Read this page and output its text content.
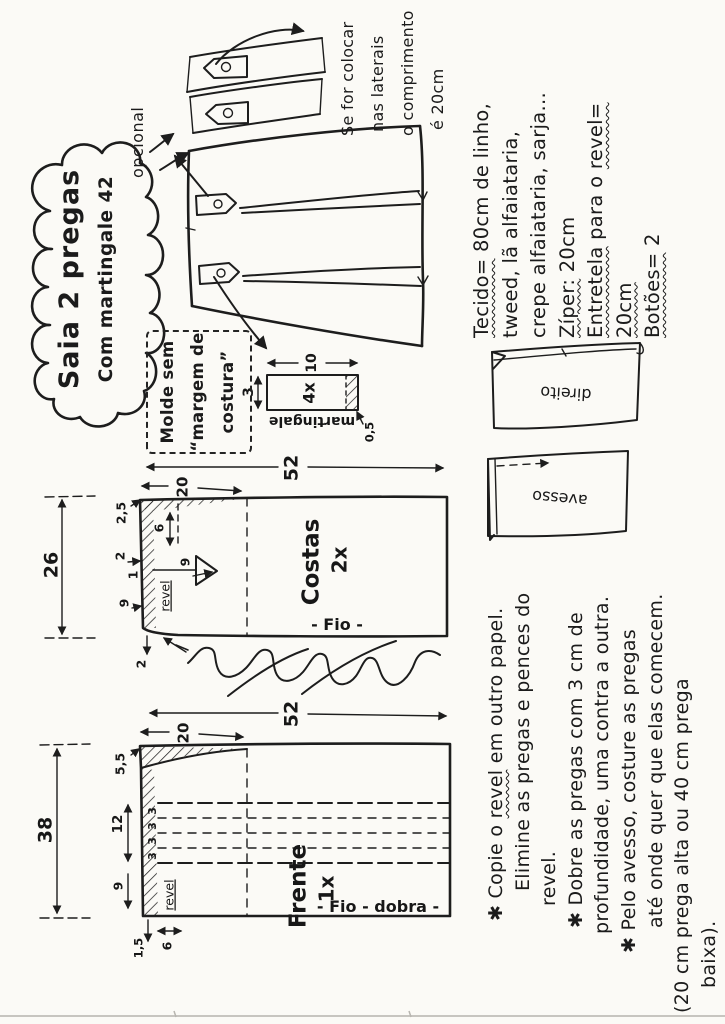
10
3	4x
martingale
0,5
52
20
26
2,5
6
9
2
1
9 revel
2
Costas 2x
- Fio -
52
20
38
5,5
12
3
3
3
3
9
1,5 6
revel	Frente 1x
- Fio - dobra -
direito
avesso
Saia 2 pregas Com martingale 42
opcional
Se for colocar nas laterais o comprimento é 20cm
Molde sem “margem de costura”
Tecido= 80cm de linho, tweed, lã alfaiataria, crepe alfaiataria, sarja... Zíper: 20cm Entretela para o revel=
20cm Botões= 2
✱ Copie o revel em outro papel. Elimine as pregas e pences do revel. ✱ Dobre as pregas com 3 cm de profundidade, uma contra a outra. ✱ Pelo avesso, costure as pregas até onde quer que elas comecem. (20 cm prega alta ou 40 cm prega baixa).
